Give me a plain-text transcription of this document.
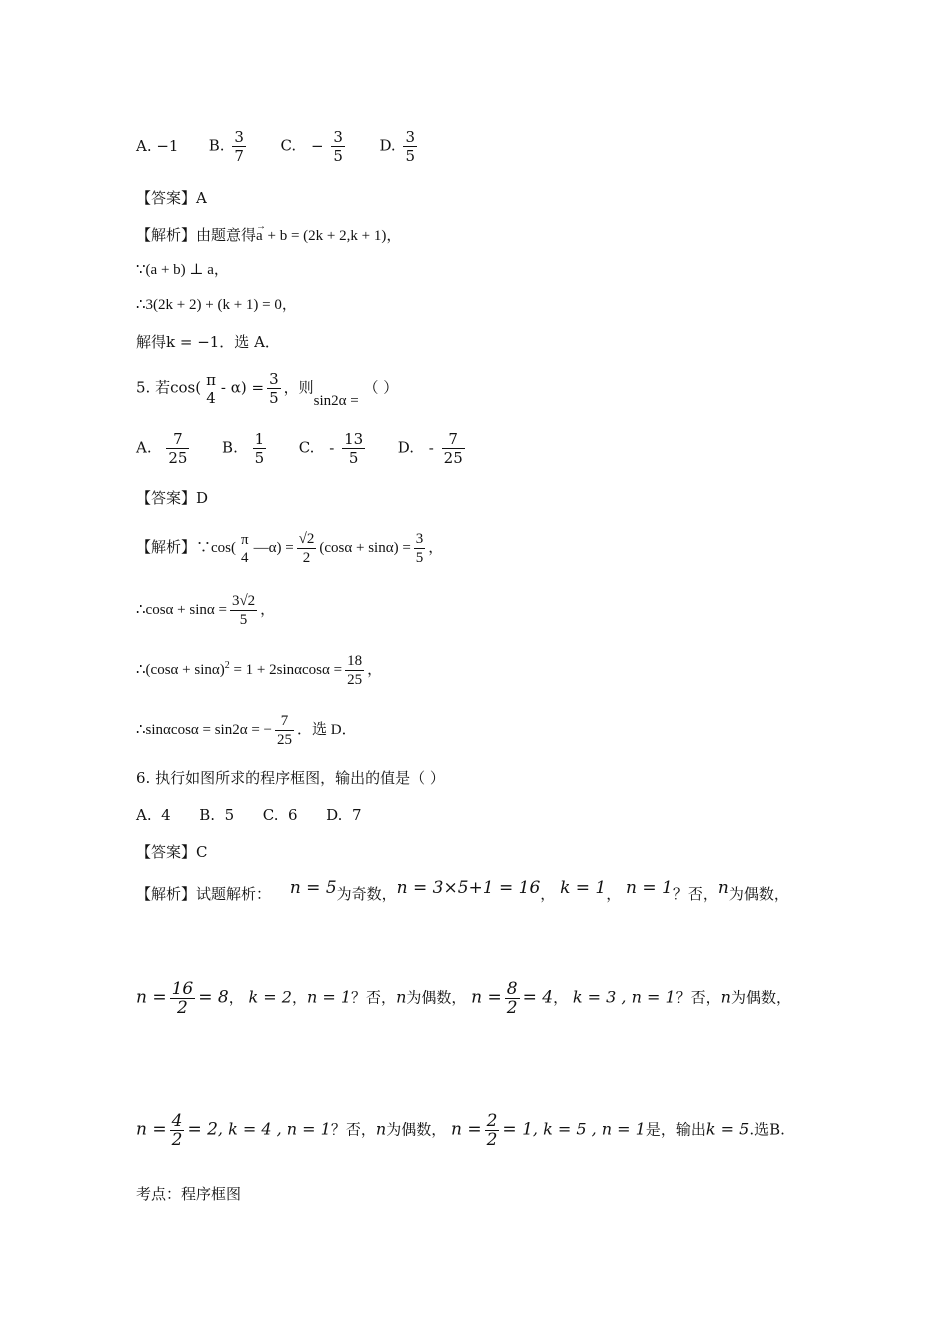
A. −1 B. $\frac{3}{7} C$. − $\frac{3}{5} D$. $\frac{3}{5}$
【答案】A
【解析】由题意得→ a + b = (2k + 2,k + 1)，
∵(a + b) ⊥ a，
∴3(2k + 2) + (k + 1) = 0，
解得k = −1．选 A．
5. 若cos( π
4
- $\alpha) = \frac{3}{5}$ ，则sin2α = （ ）
A. $\frac{7}{25} B$. $\frac{1}{5} C$. - $\frac{13}{5} D$. - $\frac{7}{25}$
【答案】D
【解析】∵cos(
π
4
—α) = $\frac{√2}{2} (\cos\alpha + \sin\alpha) = \frac{3}{5}$ ，
∴cosα + $\sin\alpha = \frac{3√2}{5}$ ，
∴(cosα + $\sin\alpha)^2 = 1 + 2\sin\alpha\cos\alpha = \frac{18}{25}$ ，
∴sinαcosα = sin2α = − $\frac{7}{25}$ ．选 D．
6. 执行如图所求的程序框图，输出的值是（ ）
A.  4      B.  5      C.  6      D.  7
【答案】C
【解析】试题解析： n = 5为奇数，n = 3×5+1 = 16， k = 1， n = 1？否，n为偶数，
$n = \frac{16}{2} = 8$， k = 2，n = 1？否，n为偶数， $n = \frac{8}{2} = 4$， k = 3 , n = 1？否，n为偶数，
$n = \frac{4}{2} = 2$, k = 4 , n = 1？否，n为偶数， $n = \frac{2}{2} = 1$, k = 5 , n = 1是，输出k = 5.选B.
考点：程序框图
